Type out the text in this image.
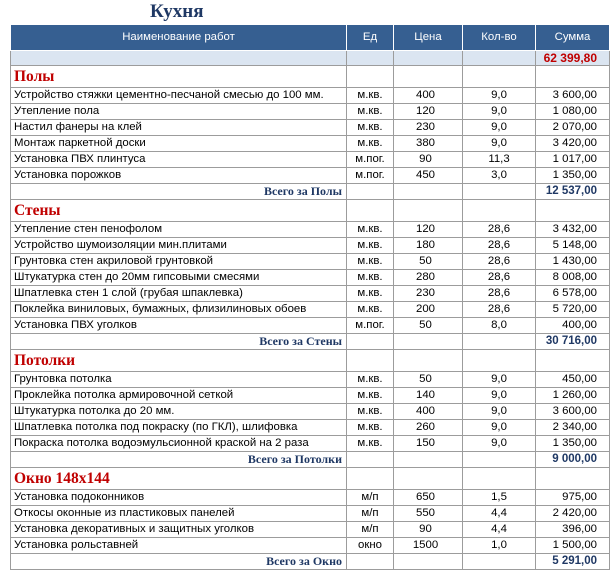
Кухня
Наименование работ	Ед	Цена	Кол-во	Сумма
				62 399,80
Полы				
Устройство стяжки цементно-песчаной смесью до 100 мм.	м.кв.	400	9,0	3 600,00
Утепление пола	м.кв.	120	9,0	1 080,00
Настил фанеры на клей	м.кв.	230	9,0	2 070,00
Монтаж паркетной доски	м.кв.	380	9,0	3 420,00
Установка ПВХ плинтуса	м.пог.	90	11,3	1 017,00
Установка порожков	м.пог.	450	3,0	1 350,00
Всего за Полы				12 537,00
Стены				
Утепление стен пенофолом	м.кв.	120	28,6	3 432,00
Устройство шумоизоляции мин.плитами	м.кв.	180	28,6	5 148,00
Грунтовка стен акриловой грунтовкой	м.кв.	50	28,6	1 430,00
Штукатурка стен до 20мм гипсовыми смесями	м.кв.	280	28,6	8 008,00
Шпатлевка стен 1 слой (грубая шпаклевка)	м.кв.	230	28,6	6 578,00
Поклейка виниловых, бумажных, флизилиновых обоев	м.кв.	200	28,6	5 720,00
Установка ПВХ уголков	м.пог.	50	8,0	400,00
Всего за Стены				30 716,00
Потолки				
Грунтовка потолка	м.кв.	50	9,0	450,00
Проклейка потолка армировочной сеткой	м.кв.	140	9,0	1 260,00
Штукатурка потолка до 20 мм.	м.кв.	400	9,0	3 600,00
Шпатлевка потолка под покраску (по ГКЛ), шлифовка	м.кв.	260	9,0	2 340,00
Покраска потолка водоэмульсионной краской на 2 раза	м.кв.	150	9,0	1 350,00
Всего за Потолки				9 000,00
Окно 148х144				
Установка подоконников	м/п	650	1,5	975,00
Откосы оконные из пластиковых панелей	м/п	550	4,4	2 420,00
Установка декоративных и защитных уголков	м/п	90	4,4	396,00
Установка рольставней	окно	1500	1,0	1 500,00
Всего за Окно				5 291,00
